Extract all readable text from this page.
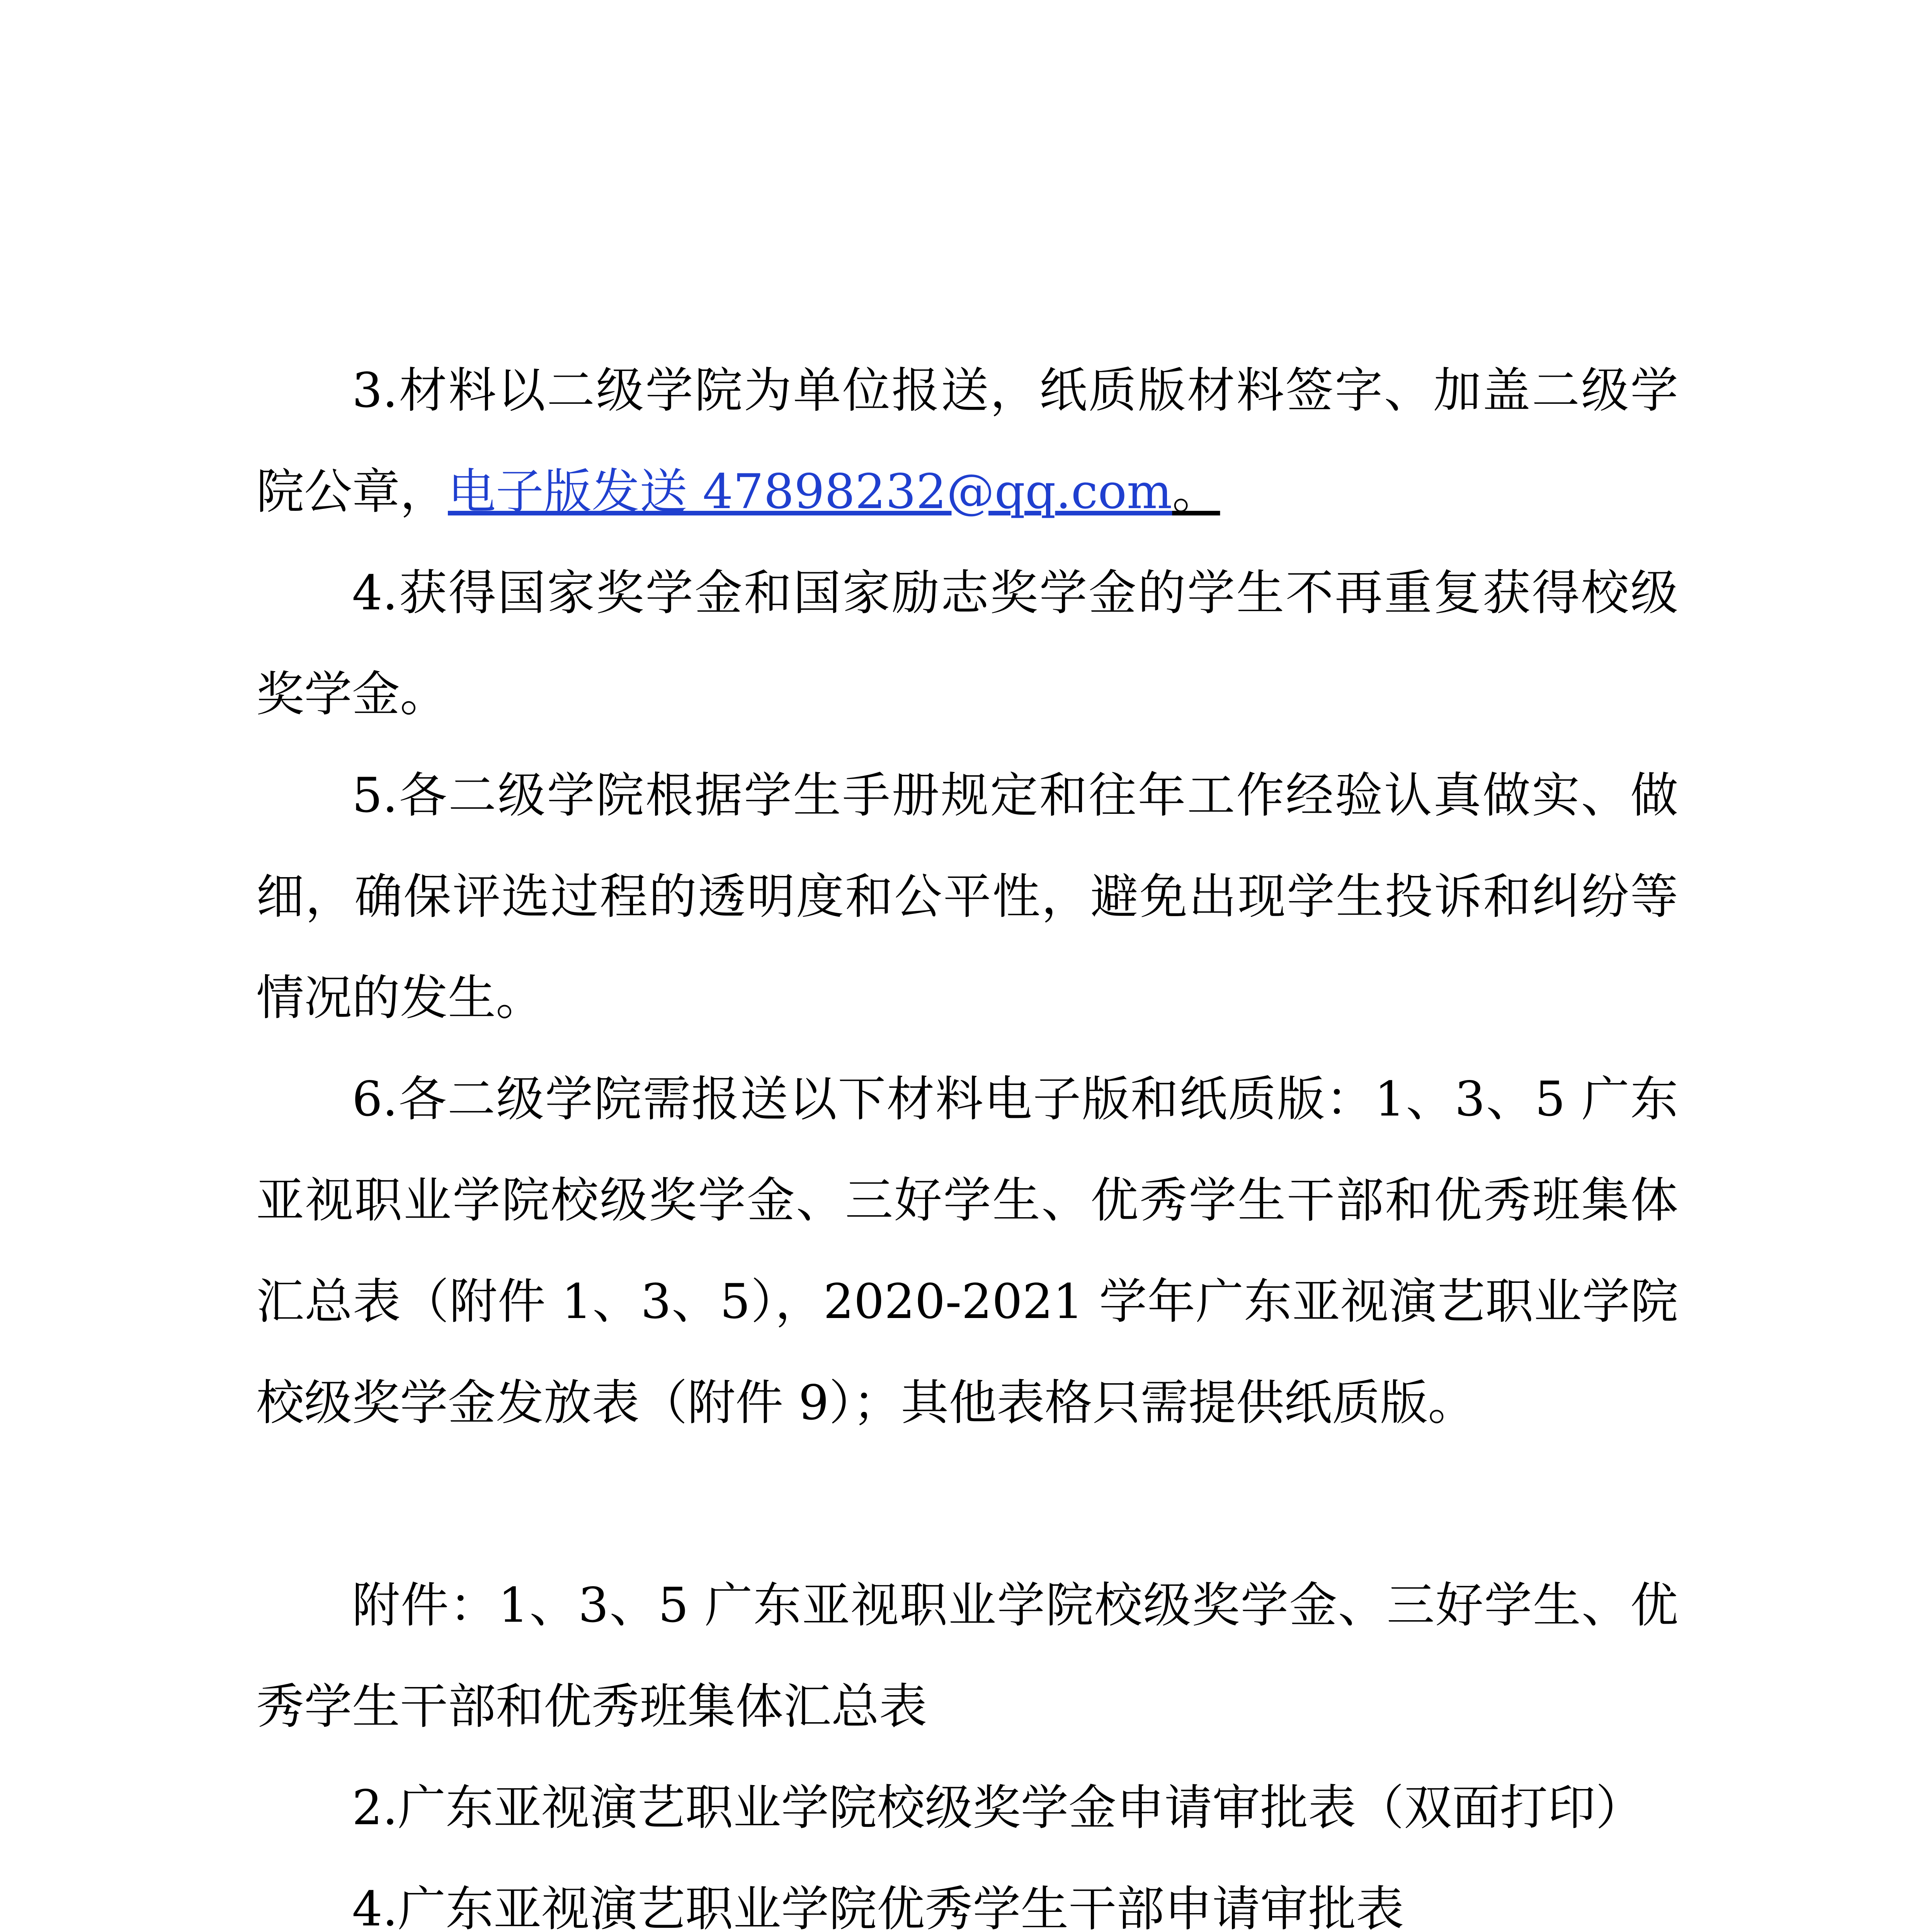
3.材料以二级学院为单位报送，纸质版材料签字、加盖二级学院公章，电子版发送 47898232@qq.com。

4.获得国家奖学金和国家励志奖学金的学生不再重复获得校级奖学金。

5.各二级学院根据学生手册规定和往年工作经验认真做实、做细，确保评选过程的透明度和公平性，避免出现学生投诉和纠纷等情况的发生。

6.各二级学院需报送以下材料电子版和纸质版：1、3、5 广东亚视职业学院校级奖学金、三好学生、优秀学生干部和优秀班集体汇总表（附件 1、3、5），2020-2021 学年广东亚视演艺职业学院校级奖学金发放表（附件 9）；其他表格只需提供纸质版。

附件：1、3、5 广东亚视职业学院校级奖学金、三好学生、优秀学生干部和优秀班集体汇总表

2.广东亚视演艺职业学院校级奖学金申请审批表（双面打印）

4.广东亚视演艺职业学院优秀学生干部申请审批表
